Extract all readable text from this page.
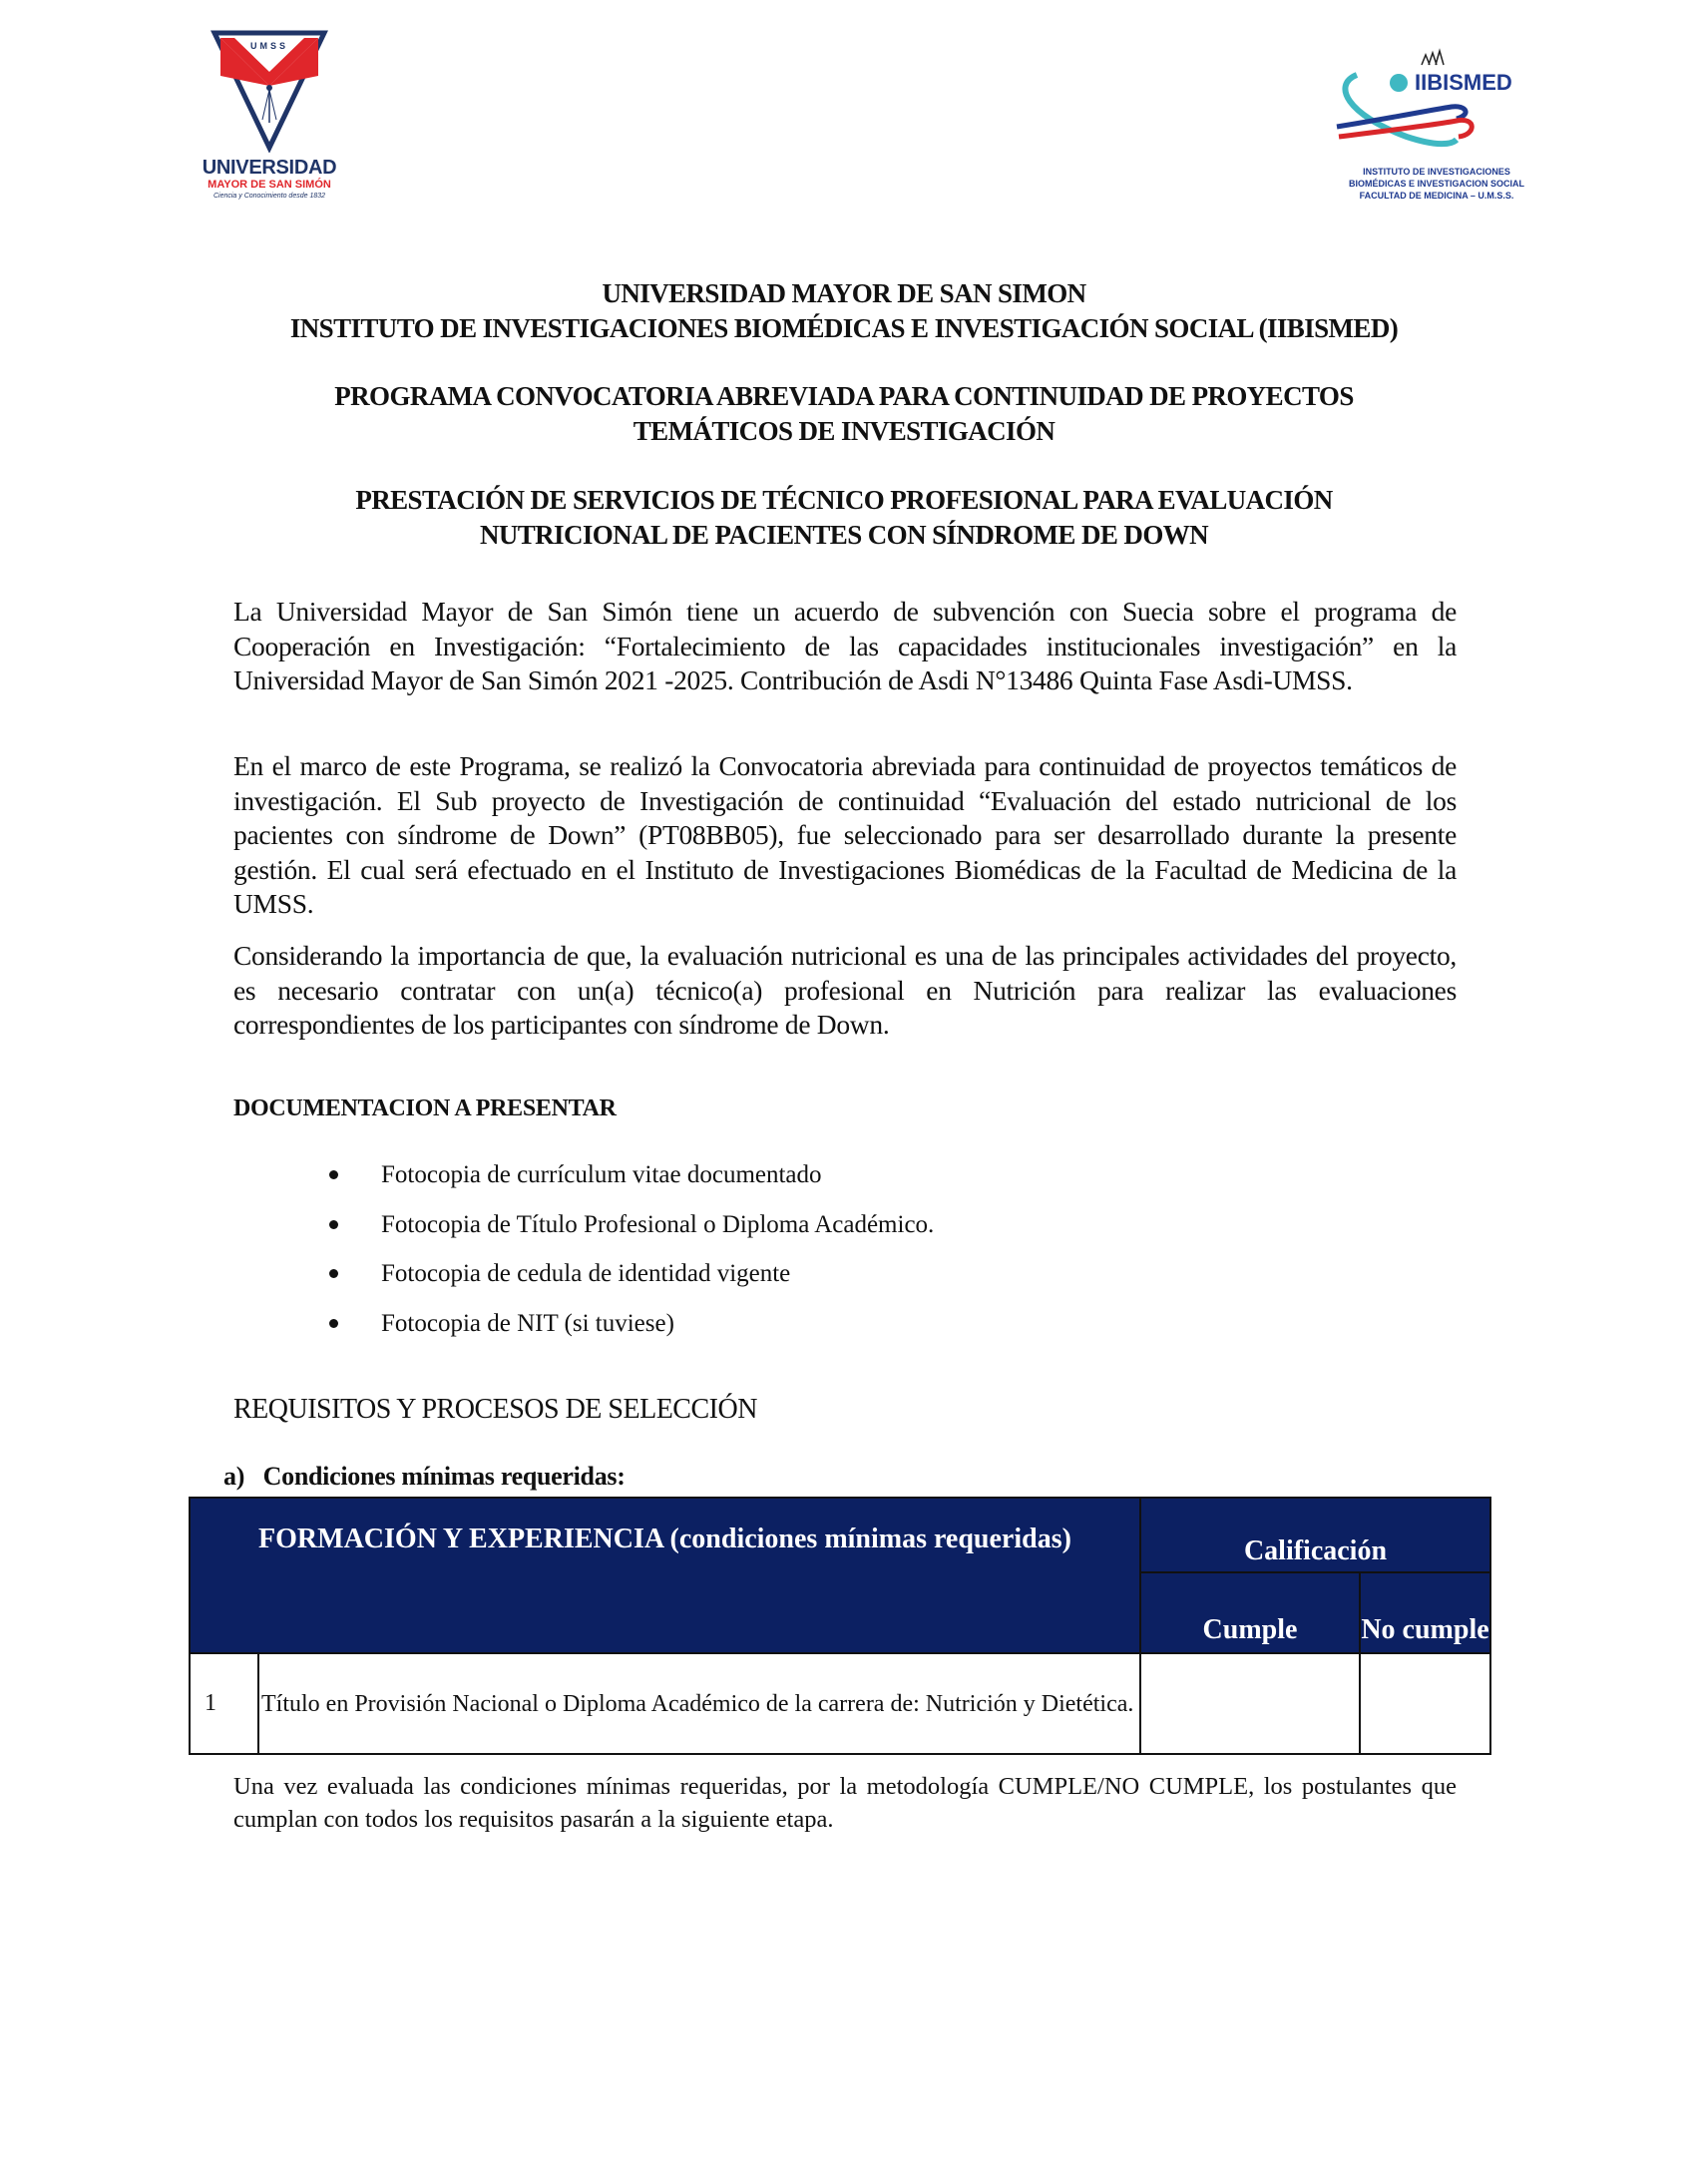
UMSS
UNIVERSIDAD
MAYOR DE SAN SIMÓN
Ciencia y Conocimiento desde 1832
IIBISMED
INSTITUTO DE INVESTIGACIONES
BIOMÉDICAS E INVESTIGACION SOCIAL
FACULTAD DE MEDICINA – U.M.S.S.
UNIVERSIDAD MAYOR DE SAN SIMON
INSTITUTO DE INVESTIGACIONES BIOMÉDICAS E INVESTIGACIÓN SOCIAL (IIBISMED)
PROGRAMA CONVOCATORIA ABREVIADA PARA CONTINUIDAD DE PROYECTOS
TEMÁTICOS DE INVESTIGACIÓN
PRESTACIÓN DE SERVICIOS DE TÉCNICO PROFESIONAL PARA EVALUACIÓN
NUTRICIONAL DE PACIENTES CON SÍNDROME DE DOWN

La Universidad Mayor de San Simón tiene un acuerdo de subvención con Suecia sobre el programa de Cooperación en Investigación: “Fortalecimiento de las capacidades institucionales investigación” en la Universidad Mayor de San Simón 2021 -2025. Contribución de Asdi N°13486 Quinta Fase Asdi-UMSS.

En el marco de este Programa, se realizó la Convocatoria abreviada para continuidad de proyectos temáticos de investigación. El Sub proyecto de Investigación de continuidad “Evaluación del estado nutricional de los pacientes con síndrome de Down” (PT08BB05), fue seleccionado para ser desarrollado durante la presente gestión. El cual será efectuado en el Instituto de Investigaciones Biomédicas de la Facultad de Medicina de la UMSS.

Considerando la importancia de que, la evaluación nutricional es una de las principales actividades del proyecto, es necesario contratar con un(a) técnico(a) profesional en Nutrición para realizar las evaluaciones correspondientes de los participantes con síndrome de Down.

DOCUMENTACION A PRESENTAR
Fotocopia de currículum vitae documentado
Fotocopia de Título Profesional o Diploma Académico.
Fotocopia de cedula de identidad vigente
Fotocopia de NIT (si tuviese)
REQUISITOS Y PROCESOS DE SELECCIÓN
a) Condiciones mínimas requeridas:
FORMACIÓN Y EXPERIENCIA (condiciones mínimas requeridas)		Calificación	
		Cumple	No cumple
1	Título en Provisión Nacional o Diploma Académico de la carrera de: Nutrición y Dietética.		

Una vez evaluada las condiciones mínimas requeridas, por la metodología CUMPLE/NO CUMPLE, los postulantes que cumplan con todos los requisitos pasarán a la siguiente etapa.
